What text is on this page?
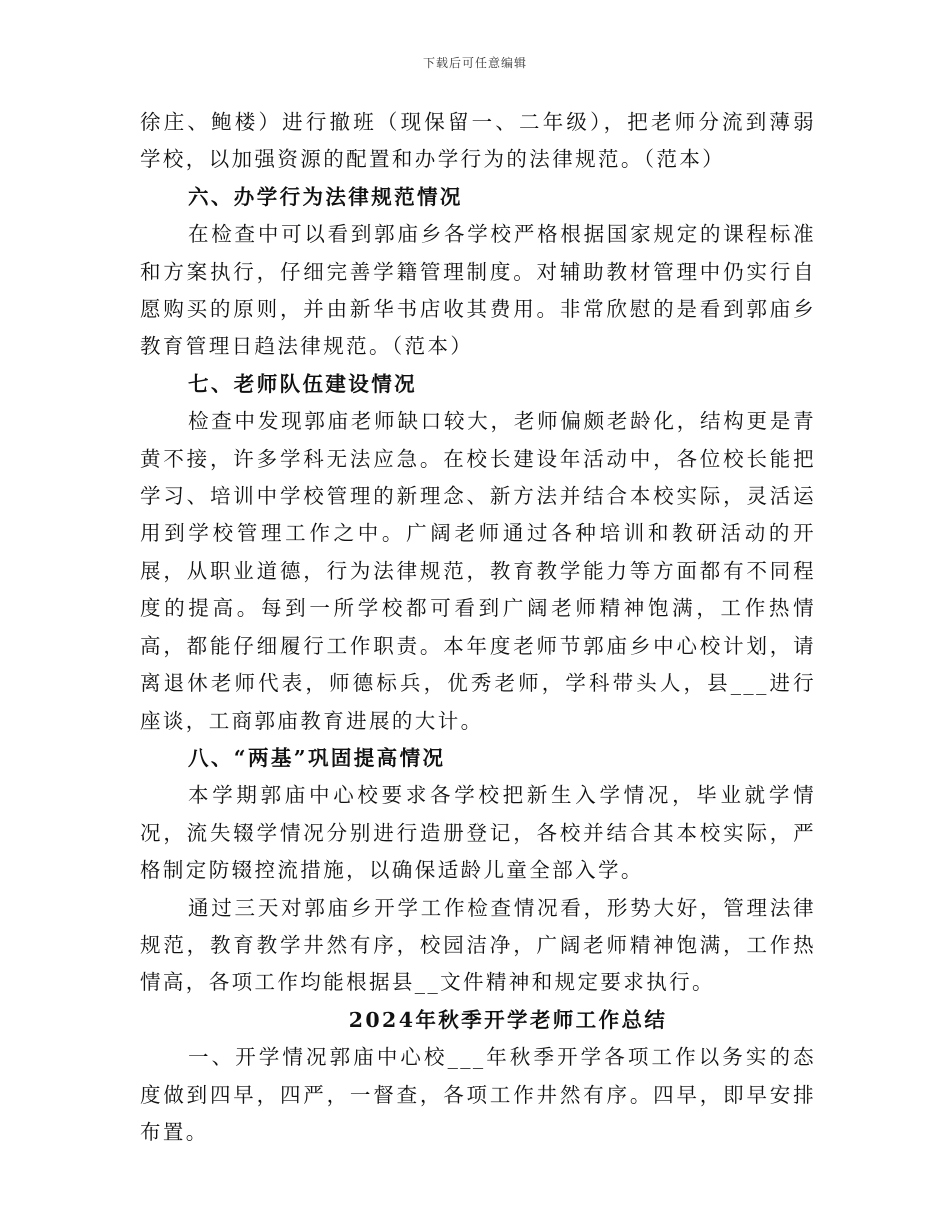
下载后可任意编辑

徐庄、鲍楼）进行撤班（现保留一、二年级），把老师分流到薄弱学校，以加强资源的配置和办学行为的法律规范。（范本）

六、办学行为法律规范情况

在检查中可以看到郭庙乡各学校严格根据国家规定的课程标准和方案执行，仔细完善学籍管理制度。对辅助教材管理中仍实行自愿购买的原则，并由新华书店收其费用。非常欣慰的是看到郭庙乡教育管理日趋法律规范。（范本）

七、老师队伍建设情况

检查中发现郭庙老师缺口较大，老师偏颇老龄化，结构更是青黄不接，许多学科无法应急。在校长建设年活动中，各位校长能把学习、培训中学校管理的新理念、新方法并结合本校实际，灵活运用到学校管理工作之中。广阔老师通过各种培训和教研活动的开展，从职业道德，行为法律规范，教育教学能力等方面都有不同程度的提高。每到一所学校都可看到广阔老师精神饱满，工作热情高，都能仔细履行工作职责。本年度老师节郭庙乡中心校计划，请离退休老师代表，师德标兵，优秀老师，学科带头人，县___进行座谈，工商郭庙教育进展的大计。

八、“两基”巩固提高情况

本学期郭庙中心校要求各学校把新生入学情况，毕业就学情况，流失辍学情况分别进行造册登记，各校并结合其本校实际，严格制定防辍控流措施，以确保适龄儿童全部入学。

通过三天对郭庙乡开学工作检查情况看，形势大好，管理法律规范，教育教学井然有序，校园洁净，广阔老师精神饱满，工作热情高，各项工作均能根据县__文件精神和规定要求执行。

2024年秋季开学老师工作总结

一、开学情况郭庙中心校___年秋季开学各项工作以务实的态度做到四早，四严，一督查，各项工作井然有序。四早，即早安排布置。
